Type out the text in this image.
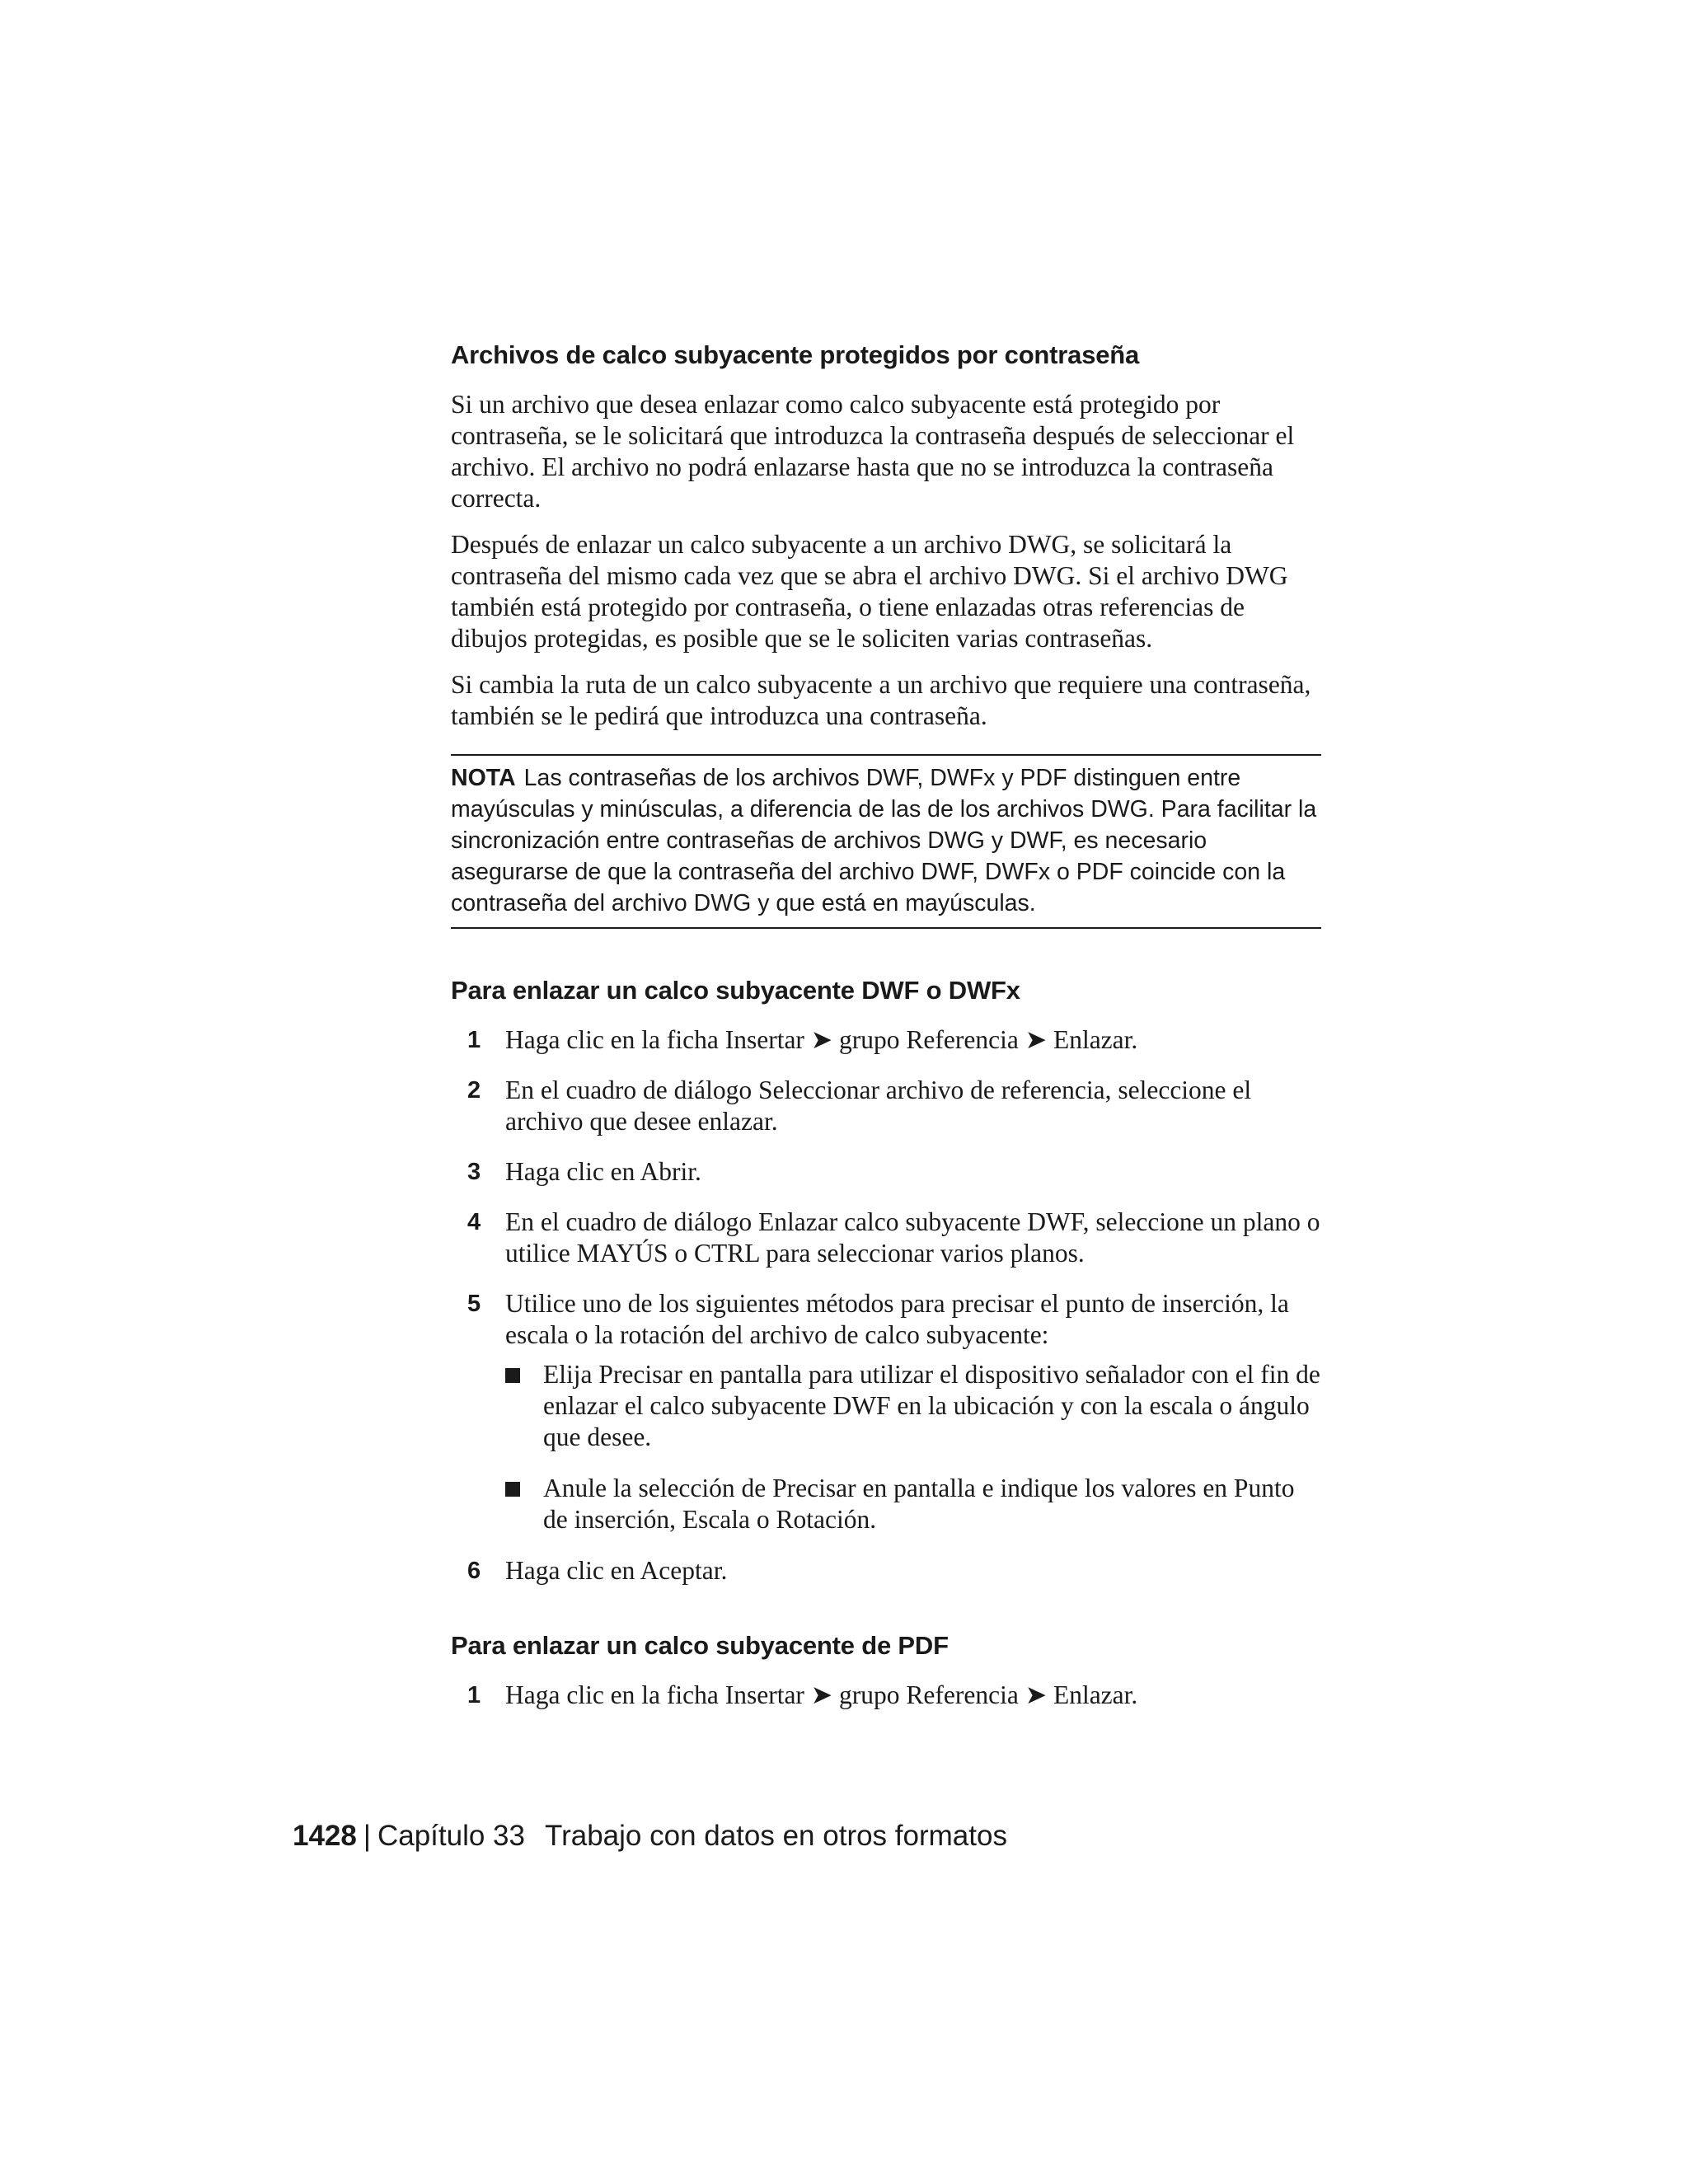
Archivos de calco subyacente protegidos por contraseña

Si un archivo que desea enlazar como calco subyacente está protegido por contraseña, se le solicitará que introduzca la contraseña después de seleccionar el archivo. El archivo no podrá enlazarse hasta que no se introduzca la contraseña correcta.

Después de enlazar un calco subyacente a un archivo DWG, se solicitará la contraseña del mismo cada vez que se abra el archivo DWG. Si el archivo DWG también está protegido por contraseña, o tiene enlazadas otras referencias de dibujos protegidas, es posible que se le soliciten varias contraseñas.

Si cambia la ruta de un calco subyacente a un archivo que requiere una contraseña, también se le pedirá que introduzca una contraseña.

NOTA Las contraseñas de los archivos DWF, DWFx y PDF distinguen entre mayúsculas y minúsculas, a diferencia de las de los archivos DWG. Para facilitar la sincronización entre contraseñas de archivos DWG y DWF, es necesario asegurarse de que la contraseña del archivo DWF, DWFx o PDF coincide con la contraseña del archivo DWG y que está en mayúsculas.
Para enlazar un calco subyacente DWF o DWFx
1 Haga clic en la ficha Insertar ➤ grupo Referencia ➤ Enlazar.
2 En el cuadro de diálogo Seleccionar archivo de referencia, seleccione el archivo que desee enlazar.
3 Haga clic en Abrir.
4 En el cuadro de diálogo Enlazar calco subyacente DWF, seleccione un plano o utilice MAYÚS o CTRL para seleccionar varios planos.
5 Utilice uno de los siguientes métodos para precisar el punto de inserción, la escala o la rotación del archivo de calco subyacente:
Elija Precisar en pantalla para utilizar el dispositivo señalador con el fin de enlazar el calco subyacente DWF en la ubicación y con la escala o ángulo que desee.
Anule la selección de Precisar en pantalla e indique los valores en Punto de inserción, Escala o Rotación.
6 Haga clic en Aceptar.
Para enlazar un calco subyacente de PDF
1 Haga clic en la ficha Insertar ➤ grupo Referencia ➤ Enlazar.
1428 | Capítulo 33 Trabajo con datos en otros formatos
